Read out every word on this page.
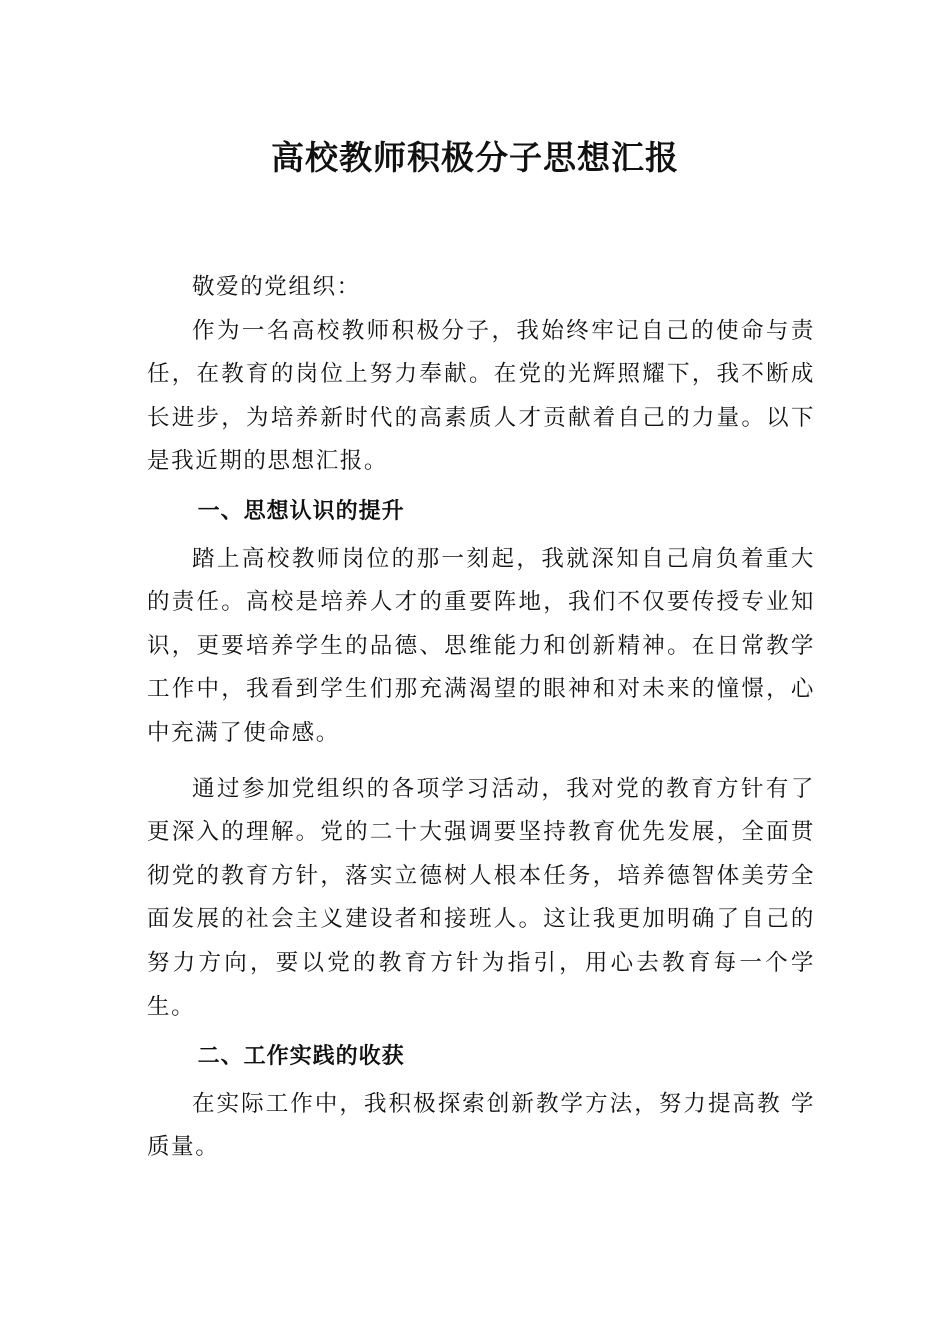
高校教师积极分子思想汇报

敬爱的党组织：

作为一名高校教师积极分子，我始终牢记自己的使命与责任，在教育的岗位上努力奉献。在党的光辉照耀下，我不断成长进步，为培养新时代的高素质人才贡献着自己的力量。以下是我近期的思想汇报。

一、思想认识的提升

踏上高校教师岗位的那一刻起，我就深知自己肩负着重大的责任。高校是培养人才的重要阵地，我们不仅要传授专业知识，更要培养学生的品德、思维能力和创新精神。在日常教学工作中，我看到学生们那充满渴望的眼神和对未来的憧憬，心中充满了使命感。

通过参加党组织的各项学习活动，我对党的教育方针有了更深入的理解。党的二十大强调要坚持教育优先发展，全面贯彻党的教育方针，落实立德树人根本任务，培养德智体美劳全面发展的社会主义建设者和接班人。这让我更加明确了自己的努力方向，要以党的教育方针为指引，用心去教育每一个学生。

二、工作实践的收获

在实际工作中，我积极探索创新教学方法，努力提高教 学质量。
